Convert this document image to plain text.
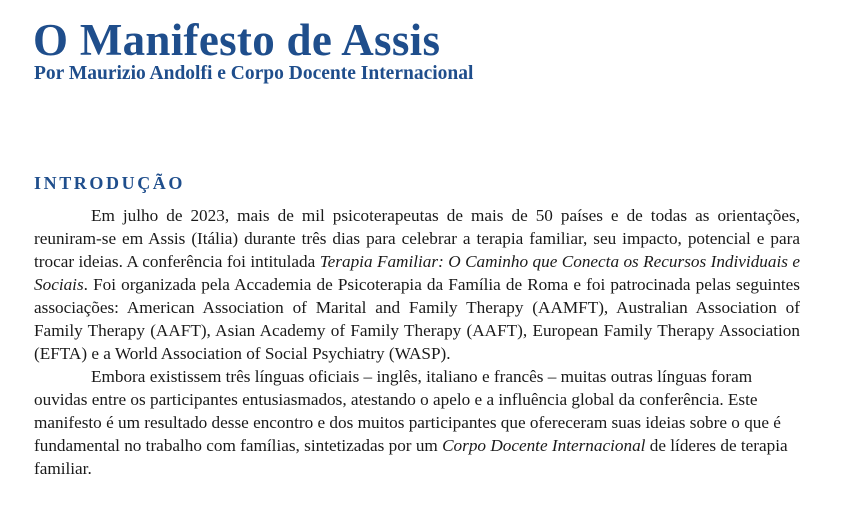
O Manifesto de Assis
Por Maurizio Andolfi e Corpo Docente Internacional
INTRODUÇÃO

Em julho de 2023, mais de mil psicoterapeutas de mais de 50 países e de todas as orientações, reuniram-se em Assis (Itália) durante três dias para celebrar a terapia familiar, seu impacto, potencial e para trocar ideias. A conferência foi intitulada Terapia Familiar: O Caminho que Conecta os Recursos Individuais e Sociais. Foi organizada pela Accademia de Psicoterapia da Família de Roma e foi patrocinada pelas seguintes associações: American Association of Marital and Family Therapy (AAMFT), Australian Association of Family Therapy (AAFT), Asian Academy of Family Therapy (AAFT), European Family Therapy Association (EFTA) e a World Association of Social Psychiatry (WASP).

Embora existissem três línguas oficiais – inglês, italiano e francês – muitas outras línguas foram ouvidas entre os participantes entusiasmados, atestando o apelo e a influência global da conferência. Este manifesto é um resultado desse encontro e dos muitos participantes que ofereceram suas ideias sobre o que é fundamental no trabalho com famílias, sintetizadas por um Corpo Docente Internacional de líderes de terapia familiar.
